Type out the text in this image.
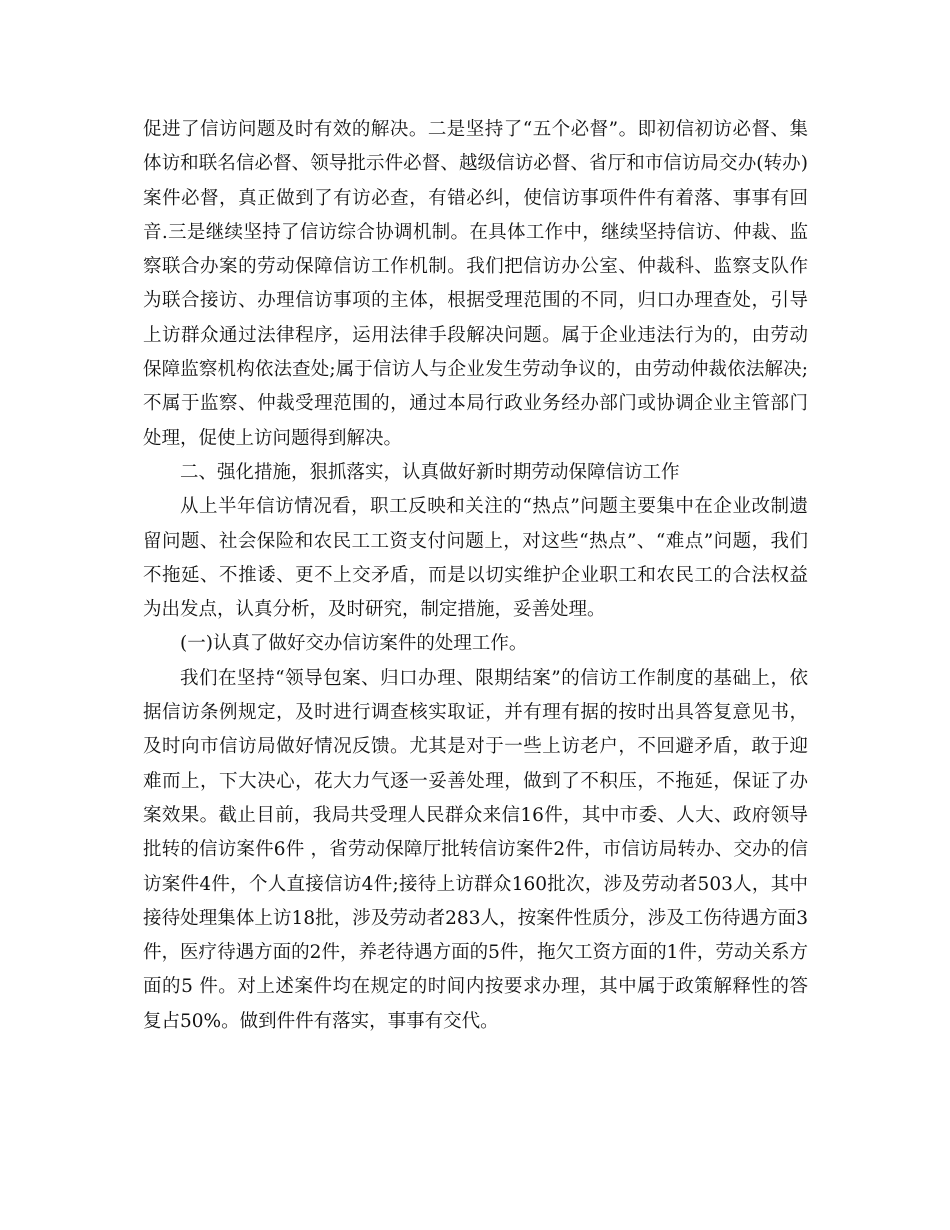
促进了信访问题及时有效的解决。二是坚持了“五个必督”。即初信初访必督、集体访和联名信必督、领导批示件必督、越级信访必督、省厅和市信访局交办(转办)案件必督，真正做到了有访必查，有错必纠，使信访事项件件有着落、事事有回音.三是继续坚持了信访综合协调机制。在具体工作中，继续坚持信访、仲裁、监察联合办案的劳动保障信访工作机制。我们把信访办公室、仲裁科、监察支队作为联合接访、办理信访事项的主体，根据受理范围的不同，归口办理查处，引导上访群众通过法律程序，运用法律手段解决问题。属于企业违法行为的，由劳动保障监察机构依法查处;属于信访人与企业发生劳动争议的，由劳动仲裁依法解决;不属于监察、仲裁受理范围的，通过本局行政业务经办部门或协调企业主管部门处理，促使上访问题得到解决。

二、强化措施，狠抓落实，认真做好新时期劳动保障信访工作

从上半年信访情况看，职工反映和关注的“热点”问题主要集中在企业改制遗留问题、社会保险和农民工工资支付问题上，对这些“热点”、“难点”问题，我们不拖延、不推诿、更不上交矛盾，而是以切实维护企业职工和农民工的合法权益为出发点，认真分析，及时研究，制定措施，妥善处理。

(一)认真了做好交办信访案件的处理工作。

我们在坚持“领导包案、归口办理、限期结案”的信访工作制度的基础上，依据信访条例规定，及时进行调查核实取证，并有理有据的按时出具答复意见书，及时向市信访局做好情况反馈。尤其是对于一些上访老户，不回避矛盾，敢于迎难而上，下大决心，花大力气逐一妥善处理，做到了不积压，不拖延，保证了办案效果。截止目前，我局共受理人民群众来信16件，其中市委、人大、政府领导批转的信访案件6件 ，省劳动保障厅批转信访案件2件，市信访局转办、交办的信访案件4件，个人直接信访4件;接待上访群众160批次，涉及劳动者503人，其中接待处理集体上访18批，涉及劳动者283人，按案件性质分，涉及工伤待遇方面3件，医疗待遇方面的2件，养老待遇方面的5件，拖欠工资方面的1件，劳动关系方面的5 件。对上述案件均在规定的时间内按要求办理，其中属于政策解释性的答复占50%。做到件件有落实，事事有交代。
